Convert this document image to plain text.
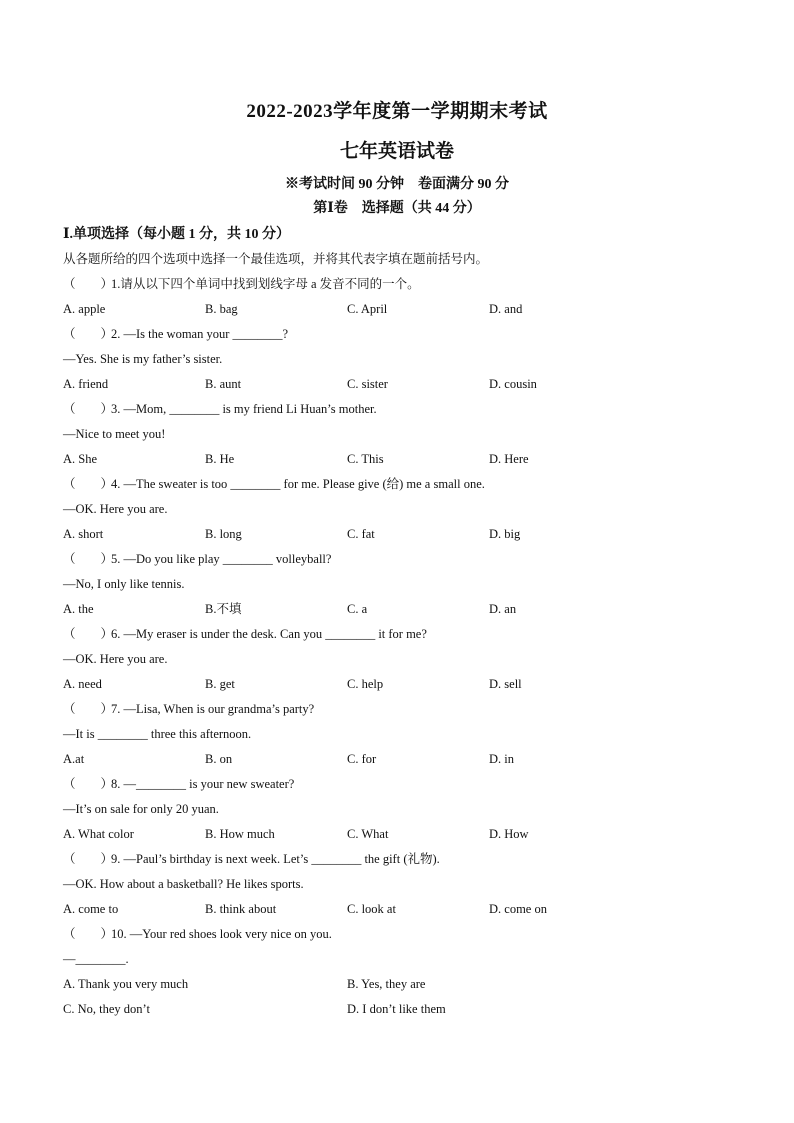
2022-2023学年度第一学期期末考试
七年英语试卷
※考试时间 90 分钟　卷面满分 90 分
第Ⅰ卷　选择题（共 44 分）
Ⅰ.单项选择（每小题 1 分，共 10 分）
从各题所给的四个选项中选择一个最佳选项，并将其代表字填在题前括号内。
（　　）1.请从以下四个单词中找到划线字母 a 发音不同的一个。
A. apple	B. bag	C. April	D. and
（　　）2. —Is the woman your ________?
—Yes. She is my father’s sister.
A. friend	B. aunt	C. sister	D. cousin
（　　）3. —Mom, ________ is my friend Li Huan’s mother.
—Nice to meet you!
A. She	B. He	C. This	D. Here
（　　）4. —The sweater is too ________ for me. Please give (给) me a small one.
—OK. Here you are.
A. short	B. long	C. fat	D. big
（　　）5. —Do you like play ________ volleyball?
—No, I only like tennis.
A. the	B.不填	C. a	D. an
（　　）6. —My eraser is under the desk. Can you ________ it for me?
—OK. Here you are.
A. need	B. get	C. help	D. sell
（　　）7. —Lisa, When is our grandma’s party?
—It is ________ three this afternoon.
A.at	B. on	C. for	D. in
（　　）8. —________ is your new sweater?
—It’s on sale for only 20 yuan.
A. What color	B. How much	C. What	D. How
（　　）9. —Paul’s birthday is next week. Let’s ________ the gift (礼物).
—OK. How about a basketball? He likes sports.
A. come to	B. think about	C. look at	D. come on
（　　）10. —Your red shoes look very nice on you.
—________.
A. Thank you very much	B. Yes, they are
C. No, they don’t	D. I don’t like them
